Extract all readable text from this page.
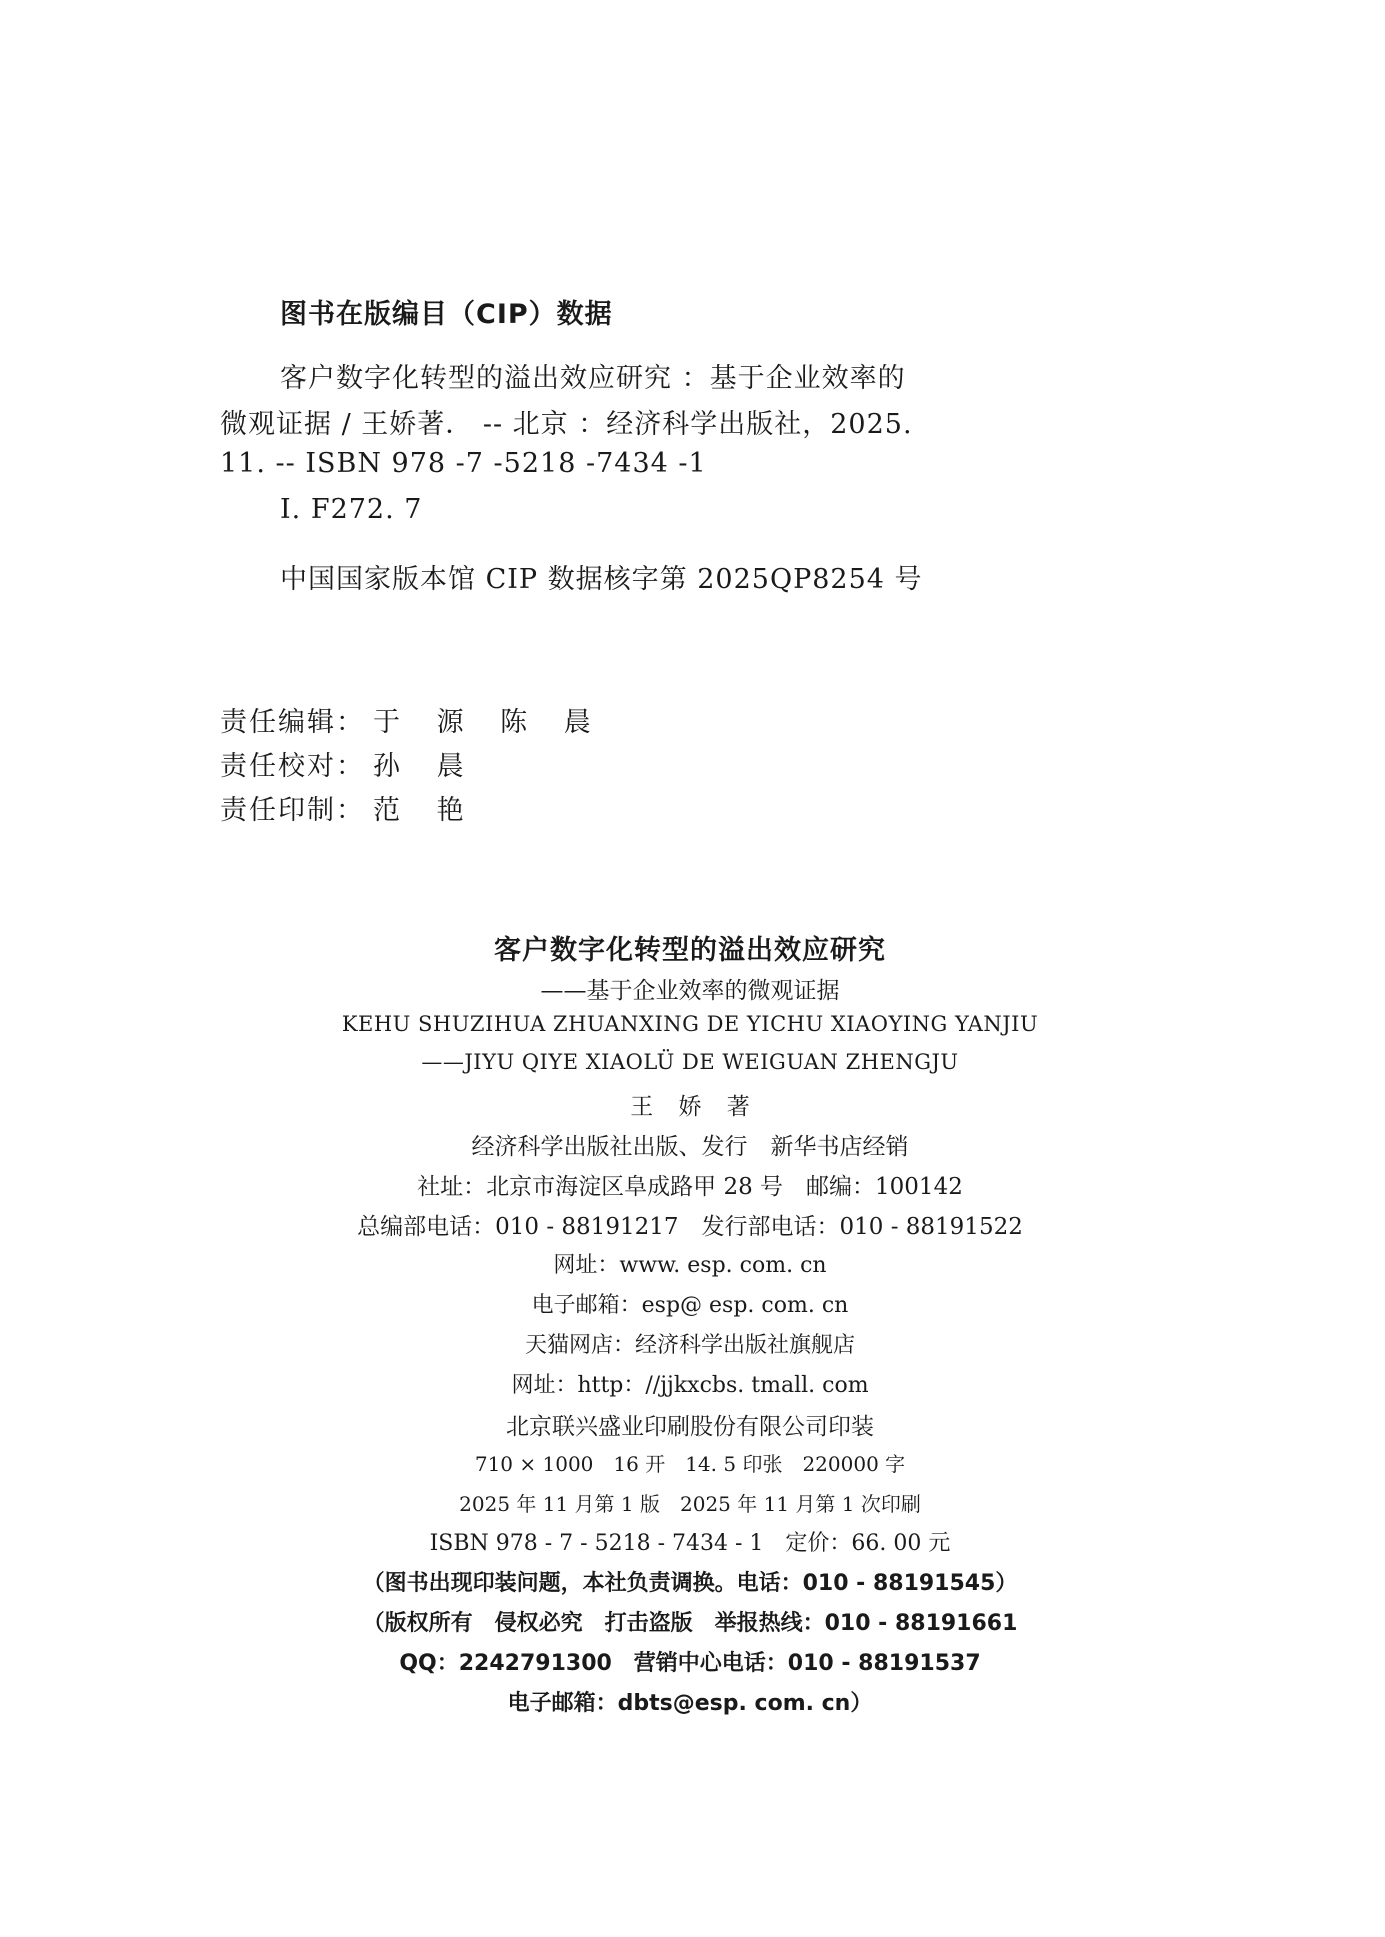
图书在版编目（CIP）数据
客户数字化转型的溢出效应研究 ：基于企业效率的
微观证据 / 王娇著． -- 北京 ：经济科学出版社，2025.
11. -- ISBN 978 -7 -5218 -7434 -1
Ⅰ. F272. 7
中国国家版本馆 CIP 数据核字第 2025QP8254 号
责任编辑： 于 源 陈 晨
责任校对： 孙 晨
责任印制： 范 艳
客户数字化转型的溢出效应研究
——基于企业效率的微观证据
KEHU SHUZIHUA ZHUANXING DE YICHU XIAOYING YANJIU
——JIYU QIYE XIAOLÜ DE WEIGUAN ZHENGJU
王 娇 著
经济科学出版社出版、发行　新华书店经销
社址：北京市海淀区阜成路甲 28 号　邮编：100142
总编部电话：010 - 88191217　发行部电话：010 - 88191522
网址：www. esp. com. cn
电子邮箱：esp@ esp. com. cn
天猫网店：经济科学出版社旗舰店
网址：http：//jjkxcbs. tmall. com
北京联兴盛业印刷股份有限公司印装
710 × 1000　16 开　14. 5 印张　220000 字
2025 年 11 月第 1 版　2025 年 11 月第 1 次印刷
ISBN 978 - 7 - 5218 - 7434 - 1　定价：66. 00 元
（图书出现印装问题，本社负责调换。电话：010 - 88191545）
（版权所有　侵权必究　打击盗版　举报热线：010 - 88191661
QQ：2242791300　营销中心电话：010 - 88191537
电子邮箱：dbts@esp. com. cn）
